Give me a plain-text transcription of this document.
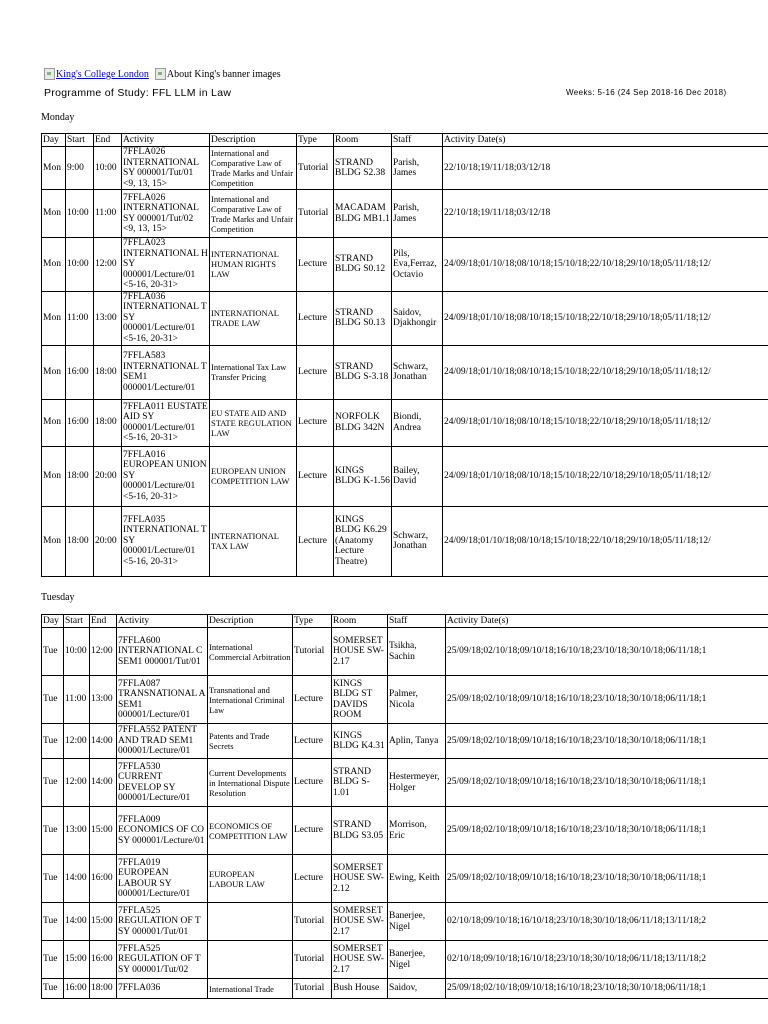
King's College London About King's banner images
Programme of Study: FFL LLM in Law	Weeks: 5-16 (24 Sep 2018-16 Dec 2018)
Monday
Day	Start	End	Activity	Description	Type	Room	Staff	Activity Date(s)
Mon	9:00	10:00	7FFLA026 INTERNATIONAL SY 000001/Tut/01 <9, 13, 15>	International and Comparative Law of Trade Marks and Unfair Competition	Tutorial	STRAND BLDG S2.38	Parish, James	22/10/18;19/11/18;03/12/18
Mon	10:00	11:00	7FFLA026 INTERNATIONAL SY 000001/Tut/02 <9, 13, 15>	International and Comparative Law of Trade Marks and Unfair Competition	Tutorial	MACADAM BLDG MB1.1	Parish, James	22/10/18;19/11/18;03/12/18
Mon	10:00	12:00	7FFLA023 INTERNATIONAL H SY 000001/Lecture/01 <5-16, 20-31>	INTERNATIONAL HUMAN RIGHTS LAW	Lecture	STRAND BLDG S0.12	Pils, Eva,Ferraz, Octavio	24/09/18;01/10/18;08/10/18;15/10/18;22/10/18;29/10/18;05/11/18;12/
Mon	11:00	13:00	7FFLA036 INTERNATIONAL T SY 000001/Lecture/01 <5-16, 20-31>	INTERNATIONAL TRADE LAW	Lecture	STRAND BLDG S0.13	Saidov, Djakhongir	24/09/18;01/10/18;08/10/18;15/10/18;22/10/18;29/10/18;05/11/18;12/
Mon	16:00	18:00	7FFLA583 INTERNATIONAL T SEM1 000001/Lecture/01	International Tax Law Transfer Pricing	Lecture	STRAND BLDG S-3.18	Schwarz, Jonathan	24/09/18;01/10/18;08/10/18;15/10/18;22/10/18;29/10/18;05/11/18;12/
Mon	16:00	18:00	7FFLA011 EUSTATE AID SY 000001/Lecture/01 <5-16, 20-31>	EU STATE AID AND STATE REGULATION LAW	Lecture	NORFOLK BLDG 342N	Biondi, Andrea	24/09/18;01/10/18;08/10/18;15/10/18;22/10/18;29/10/18;05/11/18;12/
Mon	18:00	20:00	7FFLA016 EUROPEAN UNION SY 000001/Lecture/01 <5-16, 20-31>	EUROPEAN UNION COMPETITION LAW	Lecture	KINGS BLDG K-1.56	Bailey, David	24/09/18;01/10/18;08/10/18;15/10/18;22/10/18;29/10/18;05/11/18;12/
Mon	18:00	20:00	7FFLA035 INTERNATIONAL T SY 000001/Lecture/01 <5-16, 20-31>	INTERNATIONAL TAX LAW	Lecture	KINGS BLDG K6.29 (Anatomy Lecture Theatre)	Schwarz, Jonathan	24/09/18;01/10/18;08/10/18;15/10/18;22/10/18;29/10/18;05/11/18;12/
Tuesday
Day	Start	End	Activity	Description	Type	Room	Staff	Activity Date(s)
Tue	10:00	12:00	7FFLA600 INTERNATIONAL C SEM1 000001/Tut/01	International Commercial Arbitration	Tutorial	SOMERSET HOUSE SW-2.17	Tsikha, Sachin	25/09/18;02/10/18;09/10/18;16/10/18;23/10/18;30/10/18;06/11/18;1
Tue	11:00	13:00	7FFLA087 TRANSNATIONAL A SEM1 000001/Lecture/01	Transnational and International Criminal Law	Lecture	KINGS BLDG ST DAVIDS ROOM	Palmer, Nicola	25/09/18;02/10/18;09/10/18;16/10/18;23/10/18;30/10/18;06/11/18;1
Tue	12:00	14:00	7FFLA552 PATENT AND TRAD SEM1 000001/Lecture/01	Patents and Trade Secrets	Lecture	KINGS BLDG K4.31	Aplin, Tanya	25/09/18;02/10/18;09/10/18;16/10/18;23/10/18;30/10/18;06/11/18;1
Tue	12:00	14:00	7FFLA530 CURRENT DEVELOP SY 000001/Lecture/01	Current Developments in International Dispute Resolution	Lecture	STRAND BLDG S-1.01	Hestermeyer, Holger	25/09/18;02/10/18;09/10/18;16/10/18;23/10/18;30/10/18;06/11/18;1
Tue	13:00	15:00	7FFLA009 ECONOMICS OF CO SY 000001/Lecture/01	ECONOMICS OF COMPETITION LAW	Lecture	STRAND BLDG S3.05	Morrison, Eric	25/09/18;02/10/18;09/10/18;16/10/18;23/10/18;30/10/18;06/11/18;1
Tue	14:00	16:00	7FFLA019 EUROPEAN LABOUR SY 000001/Lecture/01	EUROPEAN LABOUR LAW	Lecture	SOMERSET HOUSE SW-2.12	Ewing, Keith	25/09/18;02/10/18;09/10/18;16/10/18;23/10/18;30/10/18;06/11/18;1
Tue	14:00	15:00	7FFLA525 REGULATION OF T SY 000001/Tut/01		Tutorial	SOMERSET HOUSE SW-2.17	Banerjee, Nigel	02/10/18;09/10/18;16/10/18;23/10/18;30/10/18;06/11/18;13/11/18;2
Tue	15:00	16:00	7FFLA525 REGULATION OF T SY 000001/Tut/02		Tutorial	SOMERSET HOUSE SW-2.17	Banerjee, Nigel	02/10/18;09/10/18;16/10/18;23/10/18;30/10/18;06/11/18;13/11/18;2
Tue	16:00	18:00	7FFLA036	International Trade	Tutorial	Bush House	Saidov,	25/09/18;02/10/18;09/10/18;16/10/18;23/10/18;30/10/18;06/11/18;1
